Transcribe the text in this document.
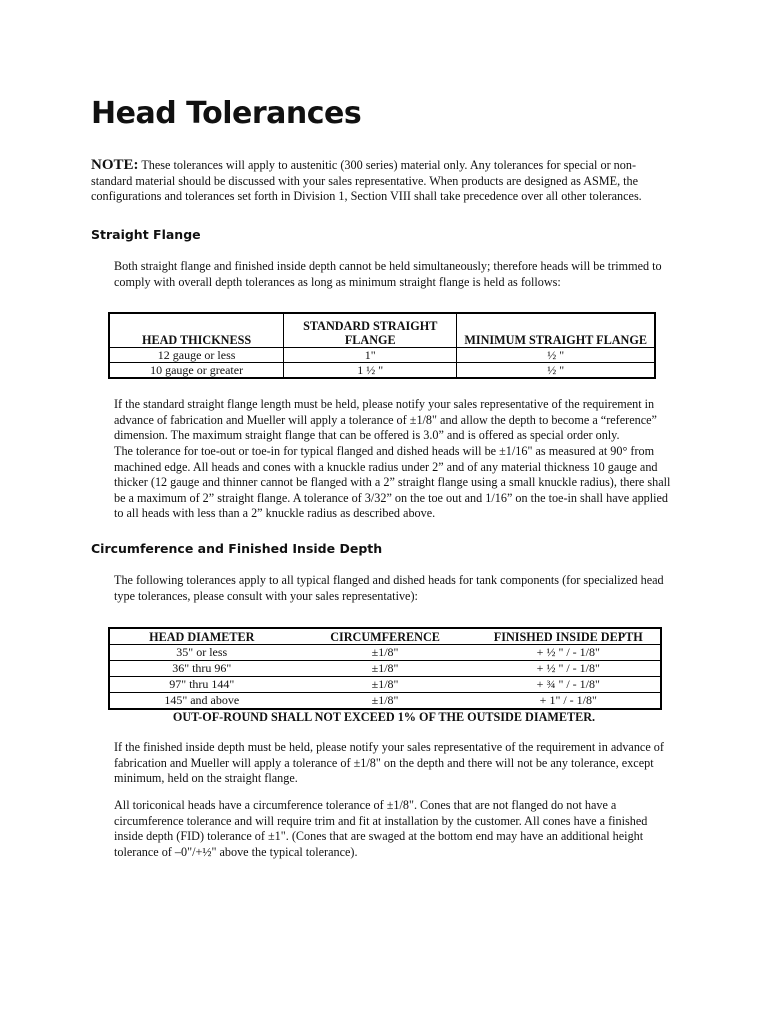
Head Tolerances
NOTE: These tolerances will apply to austenitic (300 series) material only. Any tolerances for special or non-standard material should be discussed with your sales representative. When products are designed as ASME, the configurations and tolerances set forth in Division 1, Section VIII shall take precedence over all other tolerances.
Straight Flange
Both straight flange and finished inside depth cannot be held simultaneously; therefore heads will be trimmed to comply with overall depth tolerances as long as minimum straight flange is held as follows:
HEAD THICKNESS	STANDARD STRAIGHT FLANGE	MINIMUM STRAIGHT FLANGE
12 gauge or less	1"	½ "
10 gauge or greater	1 ½ "	½ "
If the standard straight flange length must be held, please notify your sales representative of the requirement in advance of fabrication and Mueller will apply a tolerance of ±1/8" and allow the depth to become a “reference” dimension. The maximum straight flange that can be offered is 3.0” and is offered as special order only.
The tolerance for toe-out or toe-in for typical flanged and dished heads will be ±1/16" as measured at 90° from machined edge. All heads and cones with a knuckle radius under 2” and of any material thickness 10 gauge and thicker (12 gauge and thinner cannot be flanged with a 2” straight flange using a small knuckle radius), there shall be a maximum of 2” straight flange. A tolerance of 3/32” on the toe out and 1/16” on the toe-in shall have applied to all heads with less than a 2” knuckle radius as described above.
Circumference and Finished Inside Depth
The following tolerances apply to all typical flanged and dished heads for tank components (for specialized head type tolerances, please consult with your sales representative):
HEAD DIAMETER	CIRCUMFERENCE	FINISHED INSIDE DEPTH
35" or less	±1/8"	+ ½ " / - 1/8"
36" thru 96"	±1/8"	+ ½ " / - 1/8"
97" thru 144"	±1/8"	+ ¾ " / - 1/8"
145" and above	±1/8"	+ 1" / - 1/8"
OUT-OF-ROUND SHALL NOT EXCEED 1% OF THE OUTSIDE DIAMETER.
If the finished inside depth must be held, please notify your sales representative of the requirement in advance of fabrication and Mueller will apply a tolerance of ±1/8" on the depth and there will not be any tolerance, except minimum, held on the straight flange.
All toriconical heads have a circumference tolerance of ±1/8". Cones that are not flanged do not have a circumference tolerance and will require trim and fit at installation by the customer. All cones have a finished inside depth (FID) tolerance of ±1". (Cones that are swaged at the bottom end may have an additional height tolerance of –0"/+½" above the typical tolerance).
